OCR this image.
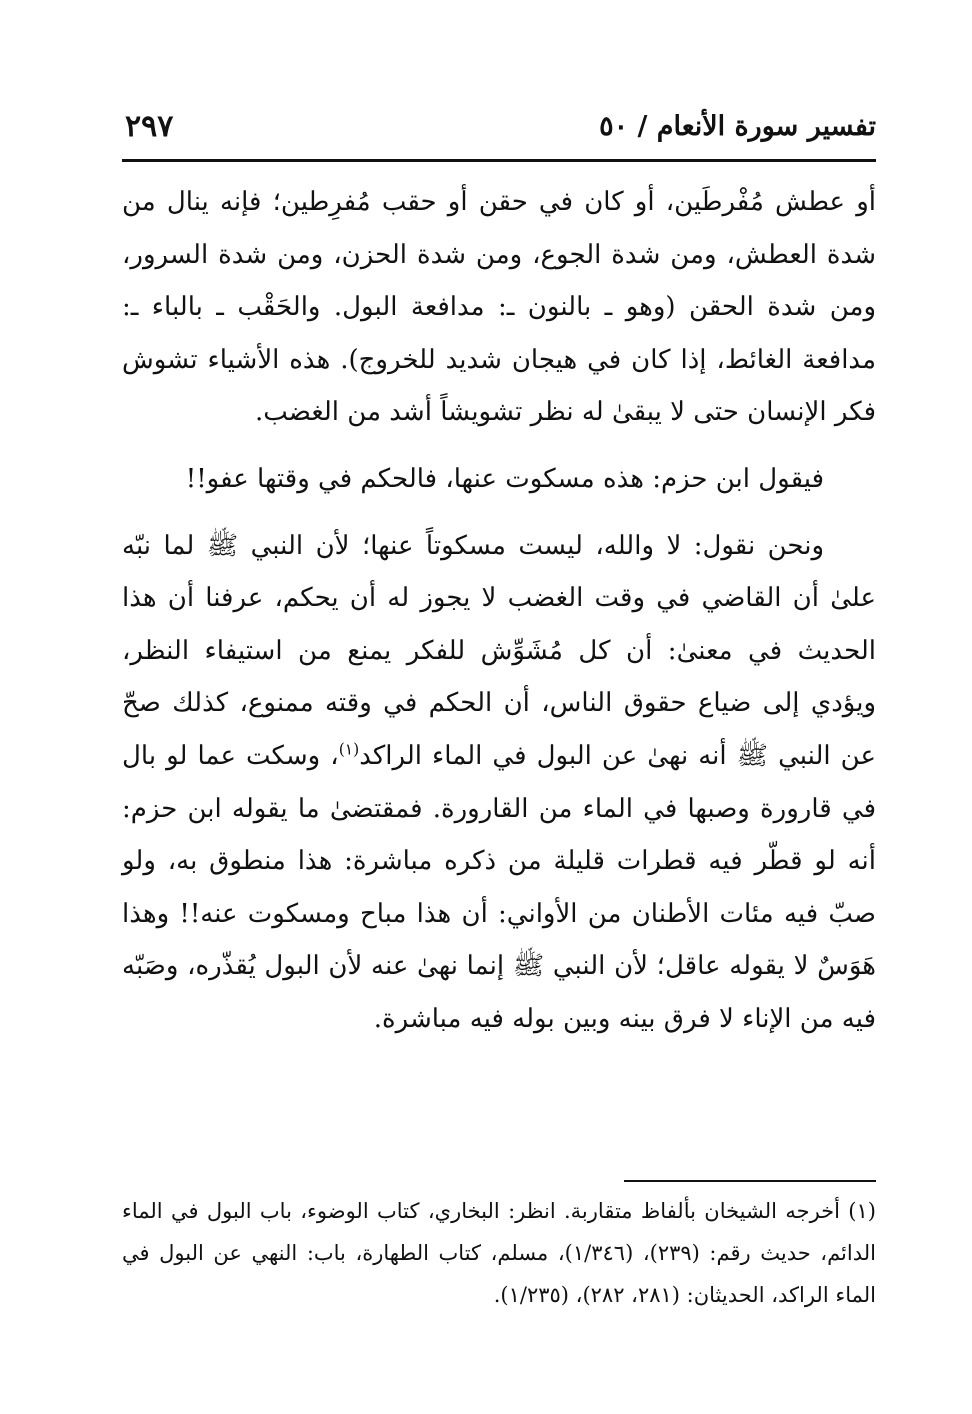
تفسير سورة الأنعام / ٥٠
٢٩٧

أو عطش مُفْرطَين، أو كان في حقن أو حقب مُفرِطين؛ فإنه ينال من شدة العطش، ومن شدة الجوع، ومن شدة الحزن، ومن شدة السرور، ومن شدة الحقن (وهو ـ بالنون ـ: مدافعة البول. والحَقْب ـ بالباء ـ: مدافعة الغائط، إذا كان في هيجان شديد للخروج). هذه الأشياء تشوش فكر الإنسان حتى لا يبقىٰ له نظر تشويشاً أشد من الغضب.

فيقول ابن حزم: هذه مسكوت عنها، فالحكم في وقتها عفو!!

ونحن نقول: لا والله، ليست مسكوتاً عنها؛ لأن النبي ﷺ لما نبّه علىٰ أن القاضي في وقت الغضب لا يجوز له أن يحكم، عرفنا أن هذا الحديث في معنىٰ: أن كل مُشَوِّش للفكر يمنع من استيفاء النظر، ويؤدي إلى ضياع حقوق الناس، أن الحكم في وقته ممنوع، كذلك صحّ عن النبي ﷺ أنه نهىٰ عن البول في الماء الراكد$^{(١)}$، وسكت عما لو بال في قارورة وصبها في الماء من القارورة. فمقتضىٰ ما يقوله ابن حزم: أنه لو قطّر فيه قطرات قليلة من ذكره مباشرة: هذا منطوق به، ولو صبّ فيه مئات الأطنان من الأواني: أن هذا مباح ومسكوت عنه!! وهذا هَوَسٌ لا يقوله عاقل؛ لأن النبي ﷺ إنما نهىٰ عنه لأن البول يُقذّره، وصَبّه فيه من الإناء لا فرق بينه وبين بوله فيه مباشرة.

(١) أخرجه الشيخان بألفاظ متقاربة. انظر: البخاري، كتاب الوضوء، باب البول في الماء الدائم، حديث رقم: (٢٣٩)، (١/٣٤٦)، مسلم، كتاب الطهارة، باب: النهي عن البول في الماء الراكد، الحديثان: (٢٨١، ٢٨٢)، (١/٢٣٥).
